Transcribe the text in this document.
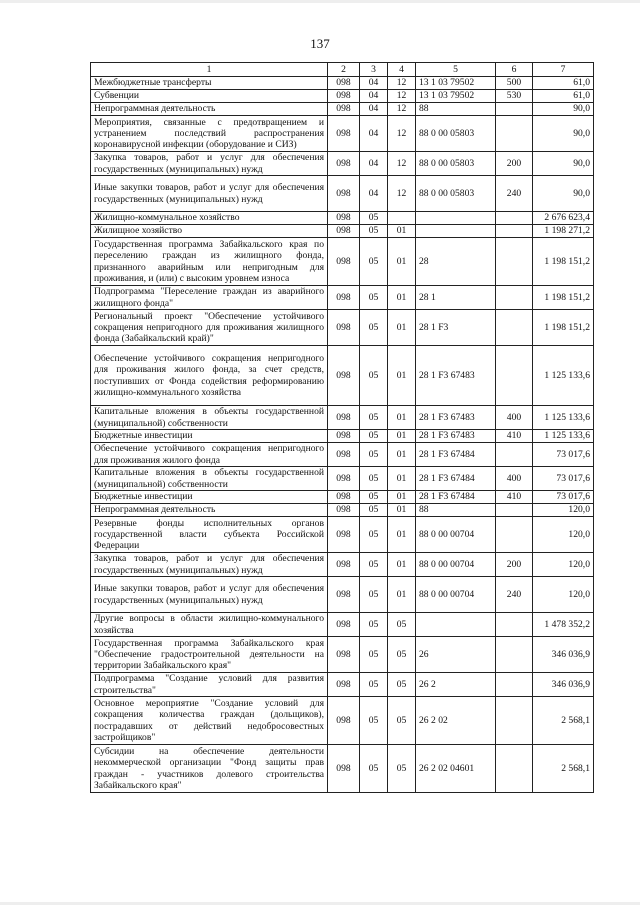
137
1	2	3	4	5	6	7
Межбюджетные трансферты	098	04	12	13 1 03 79502	500	61,0
Субвенции	098	04	12	13 1 03 79502	530	61,0
Непрограммная деятельность	098	04	12	88		90,0
Мероприятия, связанные с предотвращением и устранением последствий распространения коронавирусной инфекции (оборудование и СИЗ)	098	04	12	88 0 00 05803		90,0
Закупка товаров, работ и услуг для обеспечения государственных (муниципальных) нужд	098	04	12	88 0 00 05803	200	90,0
Иные закупки товаров, работ и услуг для обеспечения государственных (муниципальных) нужд	098	04	12	88 0 00 05803	240	90,0
Жилищно-коммунальное хозяйство	098	05				2 676 623,4
Жилищное хозяйство	098	05	01			1 198 271,2
Государственная программа Забайкальского края по переселению граждан из жилищного фонда, признанного аварийным или непригодным для проживания, и (или) с высоким уровнем износа	098	05	01	28		1 198 151,2
Подпрограмма "Переселение граждан из аварийного жилищного фонда"	098	05	01	28 1		1 198 151,2
Региональный проект "Обеспечение устойчивого сокращения непригодного для проживания жилищного фонда (Забайкальский край)"	098	05	01	28 1 F3		1 198 151,2
Обеспечение устойчивого сокращения непригодного для проживания жилого фонда, за счет средств, поступивших от Фонда содействия реформированию жилищно-коммунального хозяйства	098	05	01	28 1 F3 67483		1 125 133,6
Капитальные вложения в объекты государственной (муниципальной) собственности	098	05	01	28 1 F3 67483	400	1 125 133,6
Бюджетные инвестиции	098	05	01	28 1 F3 67483	410	1 125 133,6
Обеспечение устойчивого сокращения непригодного для проживания жилого фонда	098	05	01	28 1 F3 67484		73 017,6
Капитальные вложения в объекты государственной (муниципальной) собственности	098	05	01	28 1 F3 67484	400	73 017,6
Бюджетные инвестиции	098	05	01	28 1 F3 67484	410	73 017,6
Непрограммная деятельность	098	05	01	88		120,0
Резервные фонды исполнительных органов государственной власти субъекта Российской Федерации	098	05	01	88 0 00 00704		120,0
Закупка товаров, работ и услуг для обеспечения государственных (муниципальных) нужд	098	05	01	88 0 00 00704	200	120,0
Иные закупки товаров, работ и услуг для обеспечения государственных (муниципальных) нужд	098	05	01	88 0 00 00704	240	120,0
Другие вопросы в области жилищно-коммунального хозяйства	098	05	05			1 478 352,2
Государственная программа Забайкальского края "Обеспечение градостроительной деятельности на территории Забайкальского края"	098	05	05	26		346 036,9
Подпрограмма "Создание условий для развития строительства"	098	05	05	26 2		346 036,9
Основное мероприятие "Создание условий для сокращения количества граждан (дольщиков), пострадавших от действий недобросовестных застройщиков"	098	05	05	26 2 02		2 568,1
Субсидии на обеспечение деятельности некоммерческой организации "Фонд защиты прав граждан - участников долевого строительства Забайкальского края"	098	05	05	26 2 02 04601		2 568,1
